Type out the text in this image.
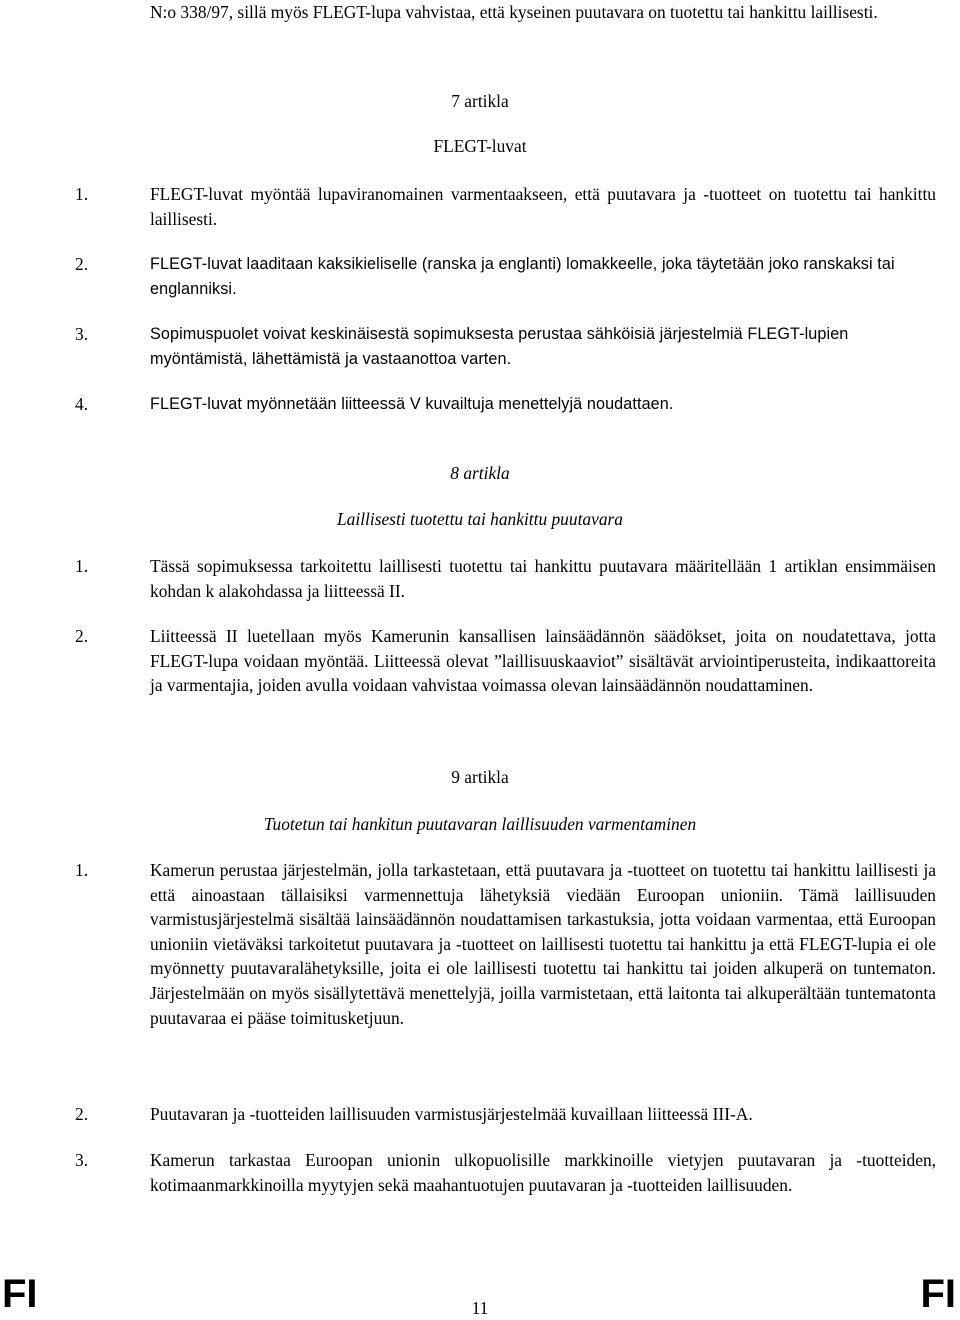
N:o 338/97, sillä myös FLEGT-lupa vahvistaa, että kyseinen puutavara on tuotettu tai hankittu laillisesti.

7 artikla
FLEGT-luvat
1.	FLEGT-luvat myöntää lupaviranomainen varmentaakseen, että puutavara ja -tuotteet on tuotettu tai hankittu laillisesti.

2.	FLEGT-luvat laaditaan kaksikieliselle (ranska ja englanti) lomakkeelle, joka täytetään joko ranskaksi tai englanniksi.

3.	Sopimuspuolet voivat keskinäisestä sopimuksesta perustaa sähköisiä järjestelmiä FLEGT-lupien myöntämistä, lähettämistä ja vastaanottoa varten.

4.	FLEGT-luvat myönnetään liitteessä V kuvailtuja menettelyjä noudattaen.

8 artikla
Laillisesti tuotettu tai hankittu puutavara
1.	Tässä sopimuksessa tarkoitettu laillisesti tuotettu tai hankittu puutavara määritellään 1 artiklan ensimmäisen kohdan k alakohdassa ja liitteessä II.

2.	Liitteessä II luetellaan myös Kamerunin kansallisen lainsäädännön säädökset, joita on noudatettava, jotta FLEGT-lupa voidaan myöntää. Liitteessä olevat ”laillisuuskaaviot” sisältävät arviointiperusteita, indikaattoreita ja varmentajia, joiden avulla voidaan vahvistaa voimassa olevan lainsäädännön noudattaminen.

9 artikla
Tuotetun tai hankitun puutavaran laillisuuden varmentaminen
1.	Kamerun perustaa järjestelmän, jolla tarkastetaan, että puutavara ja -tuotteet on tuotettu tai hankittu laillisesti ja että ainoastaan tällaisiksi varmennettuja lähetyksiä viedään Euroopan unioniin. Tämä laillisuuden varmistusjärjestelmä sisältää lainsäädännön noudattamisen tarkastuksia, jotta voidaan varmentaa, että Euroopan unioniin vietäväksi tarkoitetut puutavara ja -tuotteet on laillisesti tuotettu tai hankittu ja että FLEGT-lupia ei ole myönnetty puutavaralähetyksille, joita ei ole laillisesti tuotettu tai hankittu tai joiden alkuperä on tuntematon. Järjestelmään on myös sisällytettävä menettelyjä, joilla varmistetaan, että laitonta tai alkuperältään tuntematonta puutavaraa ei pääse toimitusketjuun.

2.	Puutavaran ja -tuotteiden laillisuuden varmistusjärjestelmää kuvaillaan liitteessä III-A.

3.	Kamerun tarkastaa Euroopan unionin ulkopuolisille markkinoille vietyjen puutavaran ja -tuotteiden, kotimaanmarkkinoilla myytyjen sekä maahantuotujen puutavaran ja -tuotteiden laillisuuden.

FI	11	FI
